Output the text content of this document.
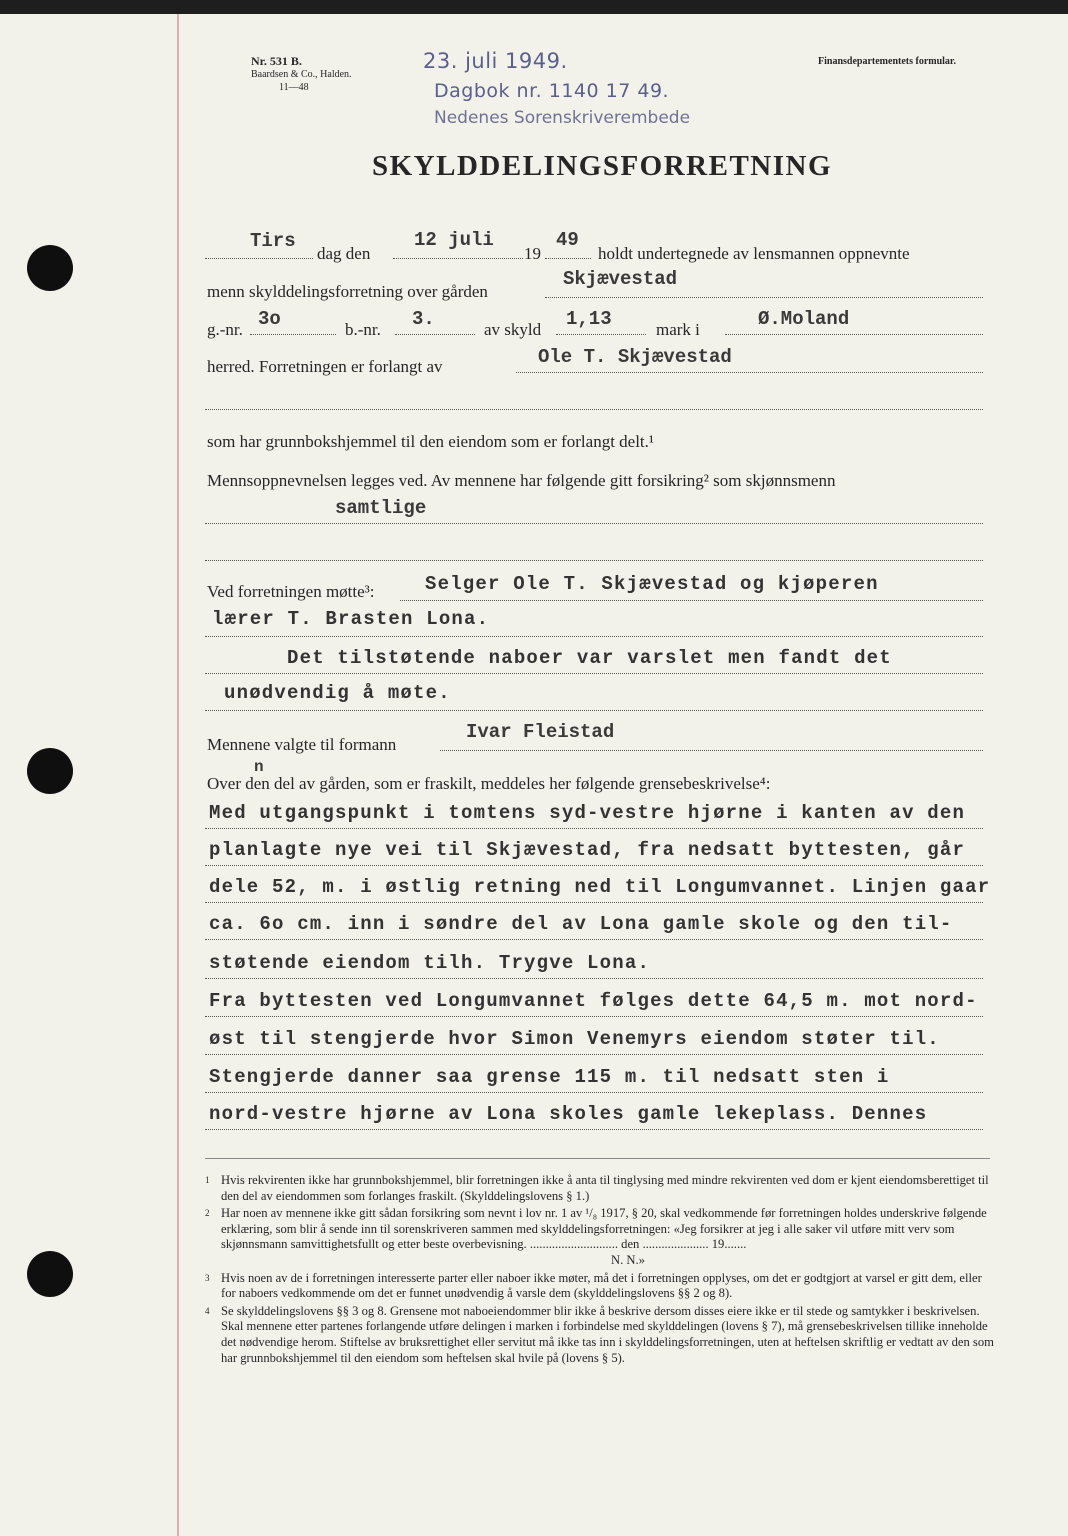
Nr. 531 B.
Baardsen & Co., Halden.
11—48
Finansdepartementets formular.
23. juli 1949.
Dagbok nr. 1140 17 49.
Nedenes Sorenskriverembede
SKYLDDELINGSFORRETNING
Tirs
dag den
12 juli
19
49
holdt undertegnede av lensmannen oppnevnte
menn skylddelingsforretning over gården
Skjævestad
g.-nr. 3o	b.-nr. 3.	av skyld 1,13	mark i	Ø.Moland
herred. Forretningen er forlangt av	Ole T. Skjævestad
som har grunnbokshjemmel til den eiendom som er forlangt delt.¹
Mennsoppnevnelsen legges ved. Av mennene har følgende gitt forsikring² som skjønnsmenn
samtlige
Ved forretningen møtte³:	Selger Ole T. Skjævestad og kjøperen
lærer T. Brasten Lona.
Det tilstøtende naboer var varslet men fandt det
unødvendig å møte.
Mennene valgte til formann
Ivar Fleistad
Over den del av gården, som er fraskilt, meddeles her følgende grensebeskrivelse⁴:
n
Med utgangspunkt i tomtens syd-vestre hjørne i kanten av den
planlagte nye vei til Skjævestad, fra nedsatt byttesten, går
dele 52, m. i østlig retning ned til Longumvannet. Linjen gaar
ca. 6o cm. inn i søndre del av Lona gamle skole og den til-
støtende eiendom tilh. Trygve Lona.
Fra byttesten ved Longumvannet følges dette 64,5 m. mot nord-
øst til stengjerde hvor Simon Venemyrs eiendom støter til.
Stengjerde danner saa grense 115 m. til nedsatt sten i
nord-vestre hjørne av Lona skoles gamle lekeplass. Dennes
1 Hvis rekvirenten ikke har grunnbokshjemmel, blir forretningen ikke å anta til tinglysing med mindre rekvirenten ved dom er kjent eiendomsberettiget til den del av eiendommen som forlanges fraskilt. (Skylddelingslovens § 1.)
2 Har noen av mennene ikke gitt sådan forsikring som nevnt i lov nr. 1 av ¹/₈ 1917, § 20, skal vedkommende før forretningen holdes underskrive følgende erklæring, som blir å sende inn til sorenskriveren sammen med skylddelingsforretningen: «Jeg forsikrer at jeg i alle saker vil utføre mitt verv som skjønnsmann samvittighetsfullt og etter beste overbevisning. ............................ den ..................... 19.......
N. N.»
3 Hvis noen av de i forretningen interesserte parter eller naboer ikke møter, må det i forretningen opplyses, om det er godtgjort at varsel er gitt dem, eller for naboers vedkommende om det er funnet unødvendig å varsle dem (skylddelingslovens §§ 2 og 8).
4 Se skylddelingslovens §§ 3 og 8. Grensene mot naboeiendommer blir ikke å beskrive dersom disses eiere ikke er til stede og samtykker i beskrivelsen. Skal mennene etter partenes forlangende utføre delingen i marken i forbindelse med skylddelingen (lovens § 7), må grensebeskrivelsen tillike inneholde det nødvendige herom. Stiftelse av bruksrettighet eller servitut må ikke tas inn i skylddelingsforretningen, uten at heftelsen skriftlig er vedtatt av den som har grunnbokshjemmel til den eiendom som heftelsen skal hvile på (lovens § 5).
